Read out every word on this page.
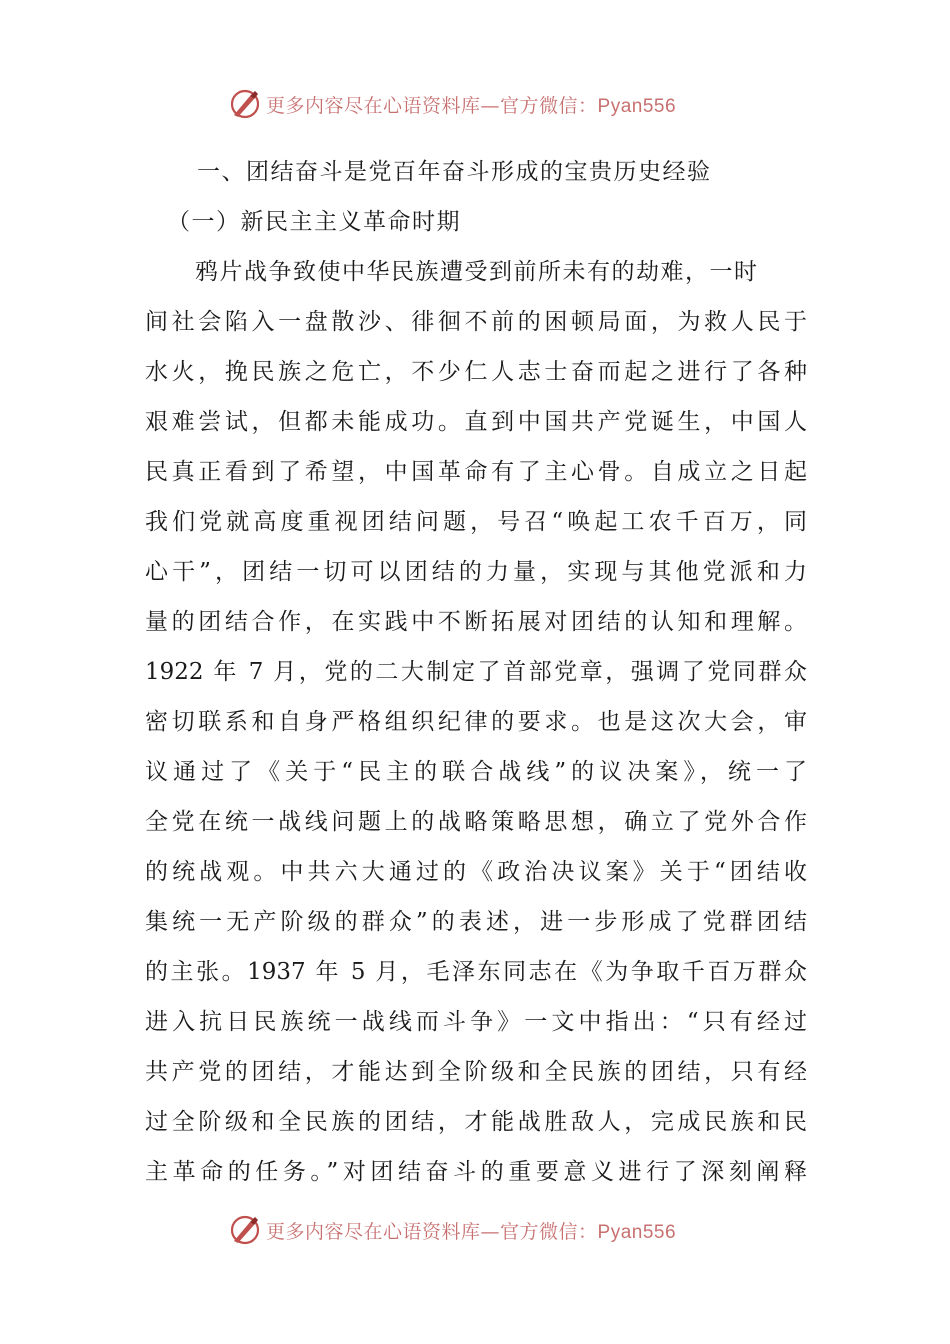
更多内容尽在心语资料库—官方微信：Pyan556
一、团结奋斗是党百年奋斗形成的宝贵历史经验
（一）新民主主义革命时期
鸦片战争致使中华民族遭受到前所未有的劫难，一时
间社会陷入一盘散沙、徘徊不前的困顿局面，为救人民于
水火，挽民族之危亡，不少仁人志士奋而起之进行了各种
艰难尝试，但都未能成功。直到中国共产党诞生，中国人
民真正看到了希望，中国革命有了主心骨。自成立之日起
我们党就高度重视团结问题，号召“唤起工农千百万，同
心干”，团结一切可以团结的力量，实现与其他党派和力
量的团结合作，在实践中不断拓展对团结的认知和理解。
1922 年 7 月，党的二大制定了首部党章，强调了党同群众
密切联系和自身严格组织纪律的要求。也是这次大会，审
议通过了《关于“民主的联合战线”的议决案》，统一了
全党在统一战线问题上的战略策略思想，确立了党外合作
的统战观。中共六大通过的《政治决议案》关于“团结收
集统一无产阶级的群众”的表述，进一步形成了党群团结
的主张。1937 年 5 月，毛泽东同志在《为争取千百万群众
进入抗日民族统一战线而斗争》一文中指出：“只有经过
共产党的团结，才能达到全阶级和全民族的团结，只有经
过全阶级和全民族的团结，才能战胜敌人，完成民族和民
主革命的任务。”对团结奋斗的重要意义进行了深刻阐释
更多内容尽在心语资料库—官方微信：Pyan556
